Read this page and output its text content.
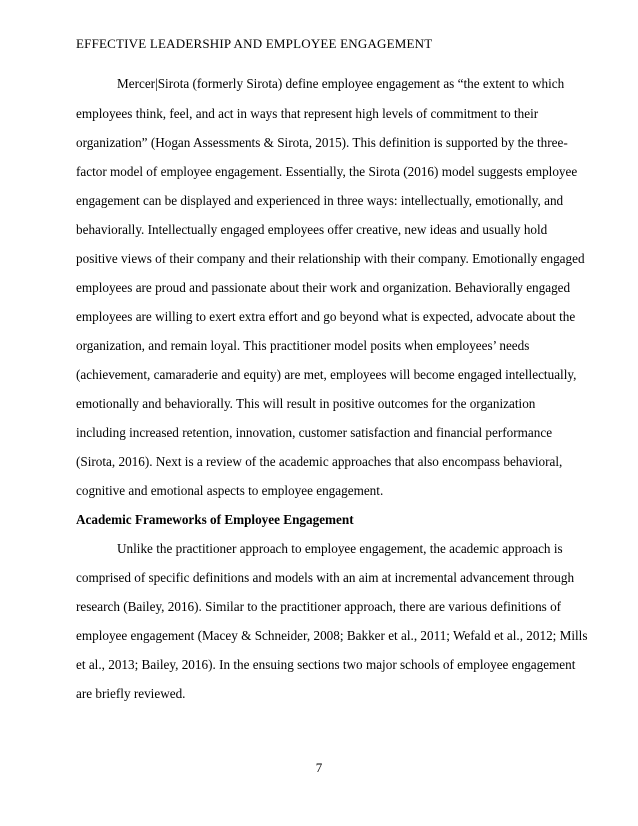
EFFECTIVE LEADERSHIP AND EMPLOYEE ENGAGEMENT
Mercer|Sirota (formerly Sirota) define employee engagement as “the extent to which
employees think, feel, and act in ways that represent high levels of commitment to their
organization” (Hogan Assessments & Sirota, 2015). This definition is supported by the three-
factor model of employee engagement. Essentially, the Sirota (2016) model suggests employee
engagement can be displayed and experienced in three ways: intellectually, emotionally, and
behaviorally. Intellectually engaged employees offer creative, new ideas and usually hold
positive views of their company and their relationship with their company. Emotionally engaged
employees are proud and passionate about their work and organization. Behaviorally engaged
employees are willing to exert extra effort and go beyond what is expected, advocate about the
organization, and remain loyal. This practitioner model posits when employees’ needs
(achievement, camaraderie and equity) are met, employees will become engaged intellectually,
emotionally and behaviorally. This will result in positive outcomes for the organization
including increased retention, innovation, customer satisfaction and financial performance
(Sirota, 2016). Next is a review of the academic approaches that also encompass behavioral,
cognitive and emotional aspects to employee engagement.
Academic Frameworks of Employee Engagement
Unlike the practitioner approach to employee engagement, the academic approach is
comprised of specific definitions and models with an aim at incremental advancement through
research (Bailey, 2016). Similar to the practitioner approach, there are various definitions of
employee engagement (Macey & Schneider, 2008; Bakker et al., 2011; Wefald et al., 2012; Mills
et al., 2013; Bailey, 2016). In the ensuing sections two major schools of employee engagement
are briefly reviewed.
7
